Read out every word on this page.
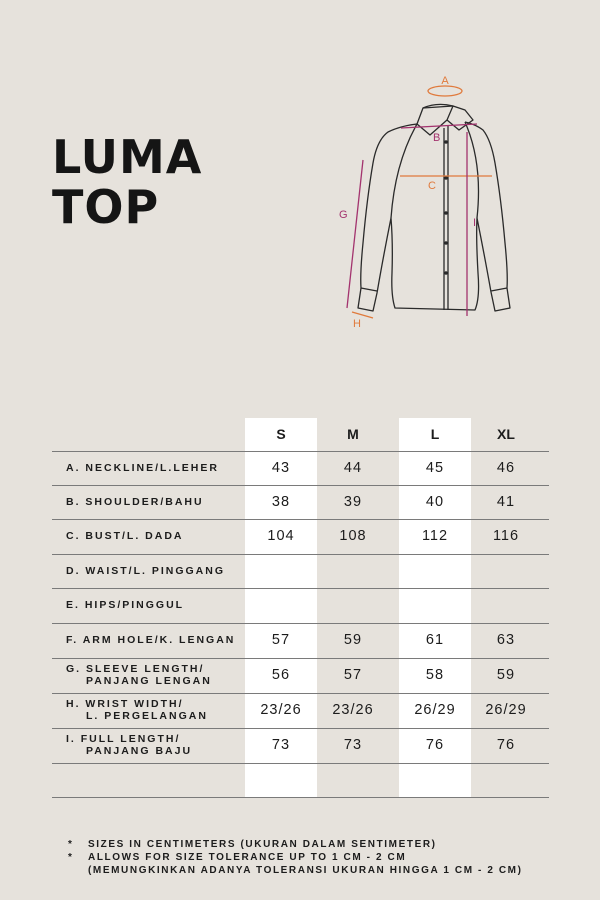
LUMA
TOP
A
B
C
G
H
I
S	M	L	XL
A. NECKLINE/L.LEHER	43	44	45	46
B. SHOULDER/BAHU	38	39	40	41
C. BUST/L. DADA	104	108	112	116
D. WAIST/L. PINGGANG
E. HIPS/PINGGUL
F. ARM HOLE/K. LENGAN	57	59	61	63
G. SLEEVE LENGTH/
PANJANG LENGAN	56	57	58	59
H. WRIST WIDTH/
L. PERGELANGAN	23/26	23/26	26/29	26/29
I. FULL LENGTH/
PANJANG BAJU	73	73	76	76
*	SIZES IN CENTIMETERS (UKURAN DALAM SENTIMETER)
*	ALLOWS FOR SIZE TOLERANCE UP TO 1 CM - 2 CM
(MEMUNGKINKAN ADANYA TOLERANSI UKURAN HINGGA 1 CM - 2 CM)
